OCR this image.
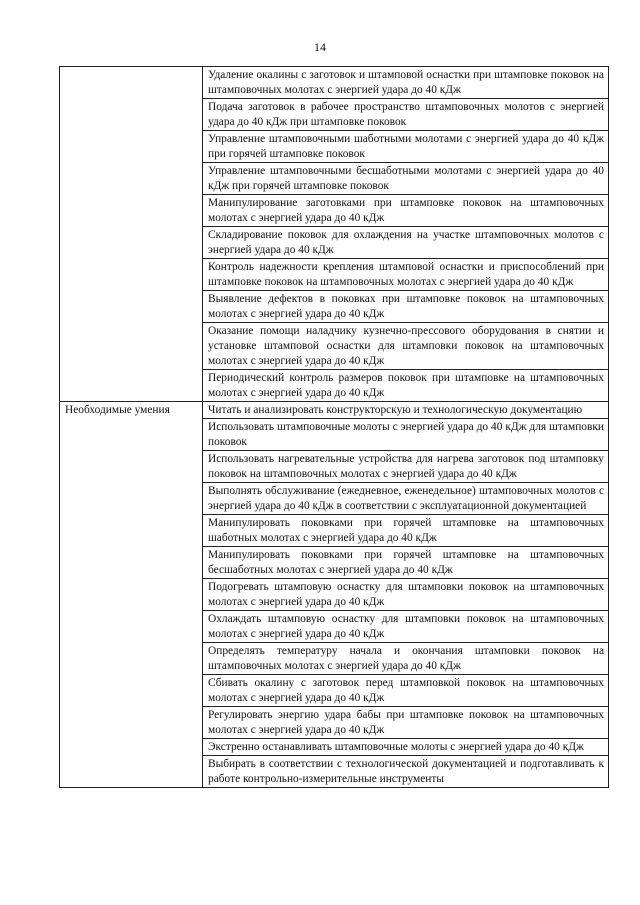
14
	Удаление окалины с заготовок и штамповой оснастки при штамповке поковок на штамповочных молотах с энергией удара до 40 кДж
	Подача заготовок в рабочее пространство штамповочных молотов с энергией удара до 40 кДж при штамповке поковок
	Управление штамповочными шаботными молотами с энергией удара до 40 кДж при горячей штамповке поковок
	Управление штамповочными бесшаботными молотами с энергией удара до 40 кДж при горячей штамповке поковок
	Манипулирование заготовками при штамповке поковок на штамповочных молотах с энергией удара до 40 кДж
	Складирование поковок для охлаждения на участке штамповочных молотов с энергией удара до 40 кДж
	Контроль надежности крепления штамповой оснастки и приспособлений при штамповке поковок на штамповочных молотах с энергией удара до 40 кДж
	Выявление дефектов в поковках при штамповке поковок на штамповочных молотах с энергией удара до 40 кДж
	Оказание помощи наладчику кузнечно-прессового оборудования в снятии и установке штамповой оснастки для штамповки поковок на штамповочных молотах с энергией удара до 40 кДж
	Периодический контроль размеров поковок при штамповке на штамповочных молотах с энергией удара до 40 кДж
Необходимые умения	Читать и анализировать конструкторскую и технологическую документацию
	Использовать штамповочные молоты с энергией удара до 40 кДж для штамповки поковок
	Использовать нагревательные устройства для нагрева заготовок под штамповку поковок на штамповочных молотах с энергией удара до 40 кДж
	Выполнять обслуживание (ежедневное, еженедельное) штамповочных молотов с энергией удара до 40 кДж в соответствии с эксплуатационной документацией
	Манипулировать поковками при горячей штамповке на штамповочных шаботных молотах с энергией удара до 40 кДж
	Манипулировать поковками при горячей штамповке на штамповочных бесшаботных молотах с энергией удара до 40 кДж
	Подогревать штамповую оснастку для штамповки поковок на штамповочных молотах с энергией удара до 40 кДж
	Охлаждать штамповую оснастку для штамповки поковок на штамповочных молотах с энергией удара до 40 кДж
	Определять температуру начала и окончания штамповки поковок на штамповочных молотах с энергией удара до 40 кДж
	Сбивать окалину с заготовок перед штамповкой поковок на штамповочных молотах с энергией удара до 40 кДж
	Регулировать энергию удара бабы при штамповке поковок на штамповочных молотах с энергией удара до 40 кДж
	Экстренно останавливать штамповочные молоты с энергией удара до 40 кДж
	Выбирать в соответствии с технологической документацией и подготавливать к работе контрольно-измерительные инструменты
